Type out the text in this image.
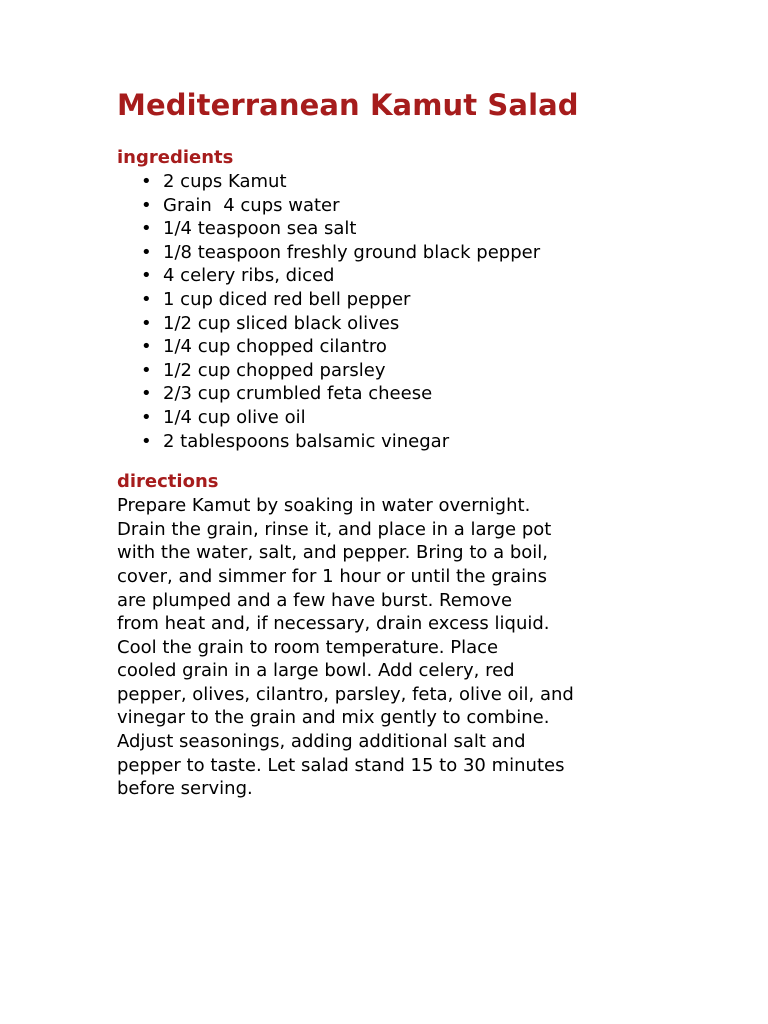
Mediterranean Kamut Salad
ingredients
• 2 cups Kamut
• Grain  4 cups water
• 1/4 teaspoon sea salt
• 1/8 teaspoon freshly ground black pepper
• 4 celery ribs, diced
• 1 cup diced red bell pepper
• 1/2 cup sliced black olives
• 1/4 cup chopped cilantro
• 1/2 cup chopped parsley
• 2/3 cup crumbled feta cheese
• 1/4 cup olive oil
• 2 tablespoons balsamic vinegar
directions

Prepare Kamut by soaking in water overnight.
Drain the grain, rinse it, and place in a large pot
with the water, salt, and pepper. Bring to a boil,
cover, and simmer for 1 hour or until the grains
are plumped and a few have burst. Remove
from heat and, if necessary, drain excess liquid.
Cool the grain to room temperature. Place
cooled grain in a large bowl. Add celery, red
pepper, olives, cilantro, parsley, feta, olive oil, and
vinegar to the grain and mix gently to combine.
Adjust seasonings, adding additional salt and
pepper to taste. Let salad stand 15 to 30 minutes
before serving.
